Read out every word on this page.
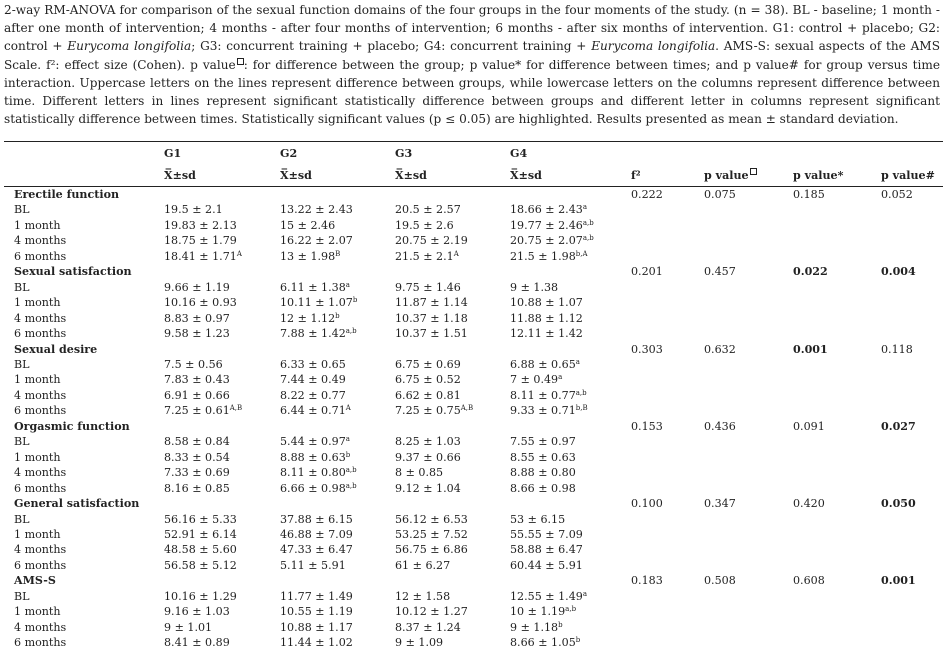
2-way RM-ANOVA for comparison of the sexual function domains of the four groups in the four moments of the study. (n = 38). BL - baseline; 1 month - after one month of intervention; 4 months - after four months of intervention; 6 months - after six months of intervention. G1: control + placebo; G2: control + Eurycoma longifolia; G3: concurrent training + placebo; G4: concurrent training + Eurycoma longifolia. AMS-S: sexual aspects of the AMS Scale. f²: effect size (Cohen). p value : for difference between the group; p value* for difference between times; and p value# for group versus time interaction. Uppercase letters on the lines represent difference between groups, while lowercase letters on the columns represent difference between time. Different letters in lines represent significant statistically difference between groups and different letter in columns represent significant statistically difference between times. Statistically significant values (p ≤ 0.05) are highlighted. Results presented as mean ± standard deviation.

	G1	G2	G3	G4				
	X̅±sd	X̅±sd	X̅±sd	X̅±sd	f²	p value	p value*	p value#
Erectile function					0.222	0.075	0.185	0.052
BL	19.5 ± 2.1	13.22 ± 2.43	20.5 ± 2.57	18.66 ± 2.43$^a$				
1 month	19.83 ± 2.13	15 ± 2.46	19.5 ± 2.6	$19.77 \pm 2.46^{a,b}$				
4 months	18.75 ± 1.79	16.22 ± 2.07	20.75 ± 2.19	$20.75 \pm 2.07^{a,b}$				
6 months	$18.41 \pm 1.71^A$	$13 \pm 1.98^B$	$21.5 \pm 2.1^A$	$21.5 \pm 1.98^{b,A}$				
Sexual satisfaction					0.201	0.457	0.022	0.004
BL	9.66 ± 1.19	6.11 ± 1.38$^a$	9.75 ± 1.46	9 ± 1.38				
1 month	10.16 ± 0.93	10.11 ± 1.07$^b$	11.87 ± 1.14	10.88 ± 1.07				
4 months	8.83 ± 0.97	12 ± 1.12$^b$	10.37 ± 1.18	11.88 ± 1.12				
6 months	9.58 ± 1.23	$7.88 \pm 1.42^{a,b}$	10.37 ± 1.51	12.11 ± 1.42				
Sexual desire					0.303	0.632	0.001	0.118
BL	7.5 ± 0.56	6.33 ± 0.65	6.75 ± 0.69	6.88 ± 0.65$^a$				
1 month	7.83 ± 0.43	7.44 ± 0.49	6.75 ± 0.52	7 ± 0.49$^a$				
4 months	6.91 ± 0.66	8.22 ± 0.77	6.62 ± 0.81	$8.11 \pm 0.77^{a,b}$				
6 months	$7.25 \pm 0.61^{A,B}$	$6.44 \pm 0.71^A$	$7.25 \pm 0.75^{A,B}$	$9.33 \pm 0.71^{b,B}$				
Orgasmic function					0.153	0.436	0.091	0.027
BL	8.58 ± 0.84	5.44 ± 0.97$^a$	8.25 ± 1.03	7.55 ± 0.97				
1 month	8.33 ± 0.54	8.88 ± 0.63$^b$	9.37 ± 0.66	8.55 ± 0.63				
4 months	7.33 ± 0.69	$8.11 \pm 0.80^{a,b}$	8 ± 0.85	8.88 ± 0.80				
6 months	8.16 ± 0.85	$6.66 \pm 0.98^{a,b}$	9.12 ± 1.04	8.66 ± 0.98				
General satisfaction					0.100	0.347	0.420	0.050
BL	56.16 ± 5.33	37.88 ± 6.15	56.12 ± 6.53	53 ± 6.15				
1 month	52.91 ± 6.14	46.88 ± 7.09	53.25 ± 7.52	55.55 ± 7.09				
4 months	48.58 ± 5.60	47.33 ± 6.47	56.75 ± 6.86	58.88 ± 6.47				
6 months	56.58 ± 5.12	5.11 ± 5.91	61 ± 6.27	60.44 ± 5.91				
AMS-S					0.183	0.508	0.608	0.001
BL	10.16 ± 1.29	11.77 ± 1.49	12 ± 1.58	12.55 ± 1.49$^a$				
1 month	9.16 ± 1.03	10.55 ± 1.19	10.12 ± 1.27	$10 \pm 1.19^{a,b}$				
4 months	9 ± 1.01	10.88 ± 1.17	8.37 ± 1.24	9 ± 1.18$^b$				
6 months	8.41 ± 0.89	11.44 ± 1.02	9 ± 1.09	8.66 ± 1.05$^b$				
